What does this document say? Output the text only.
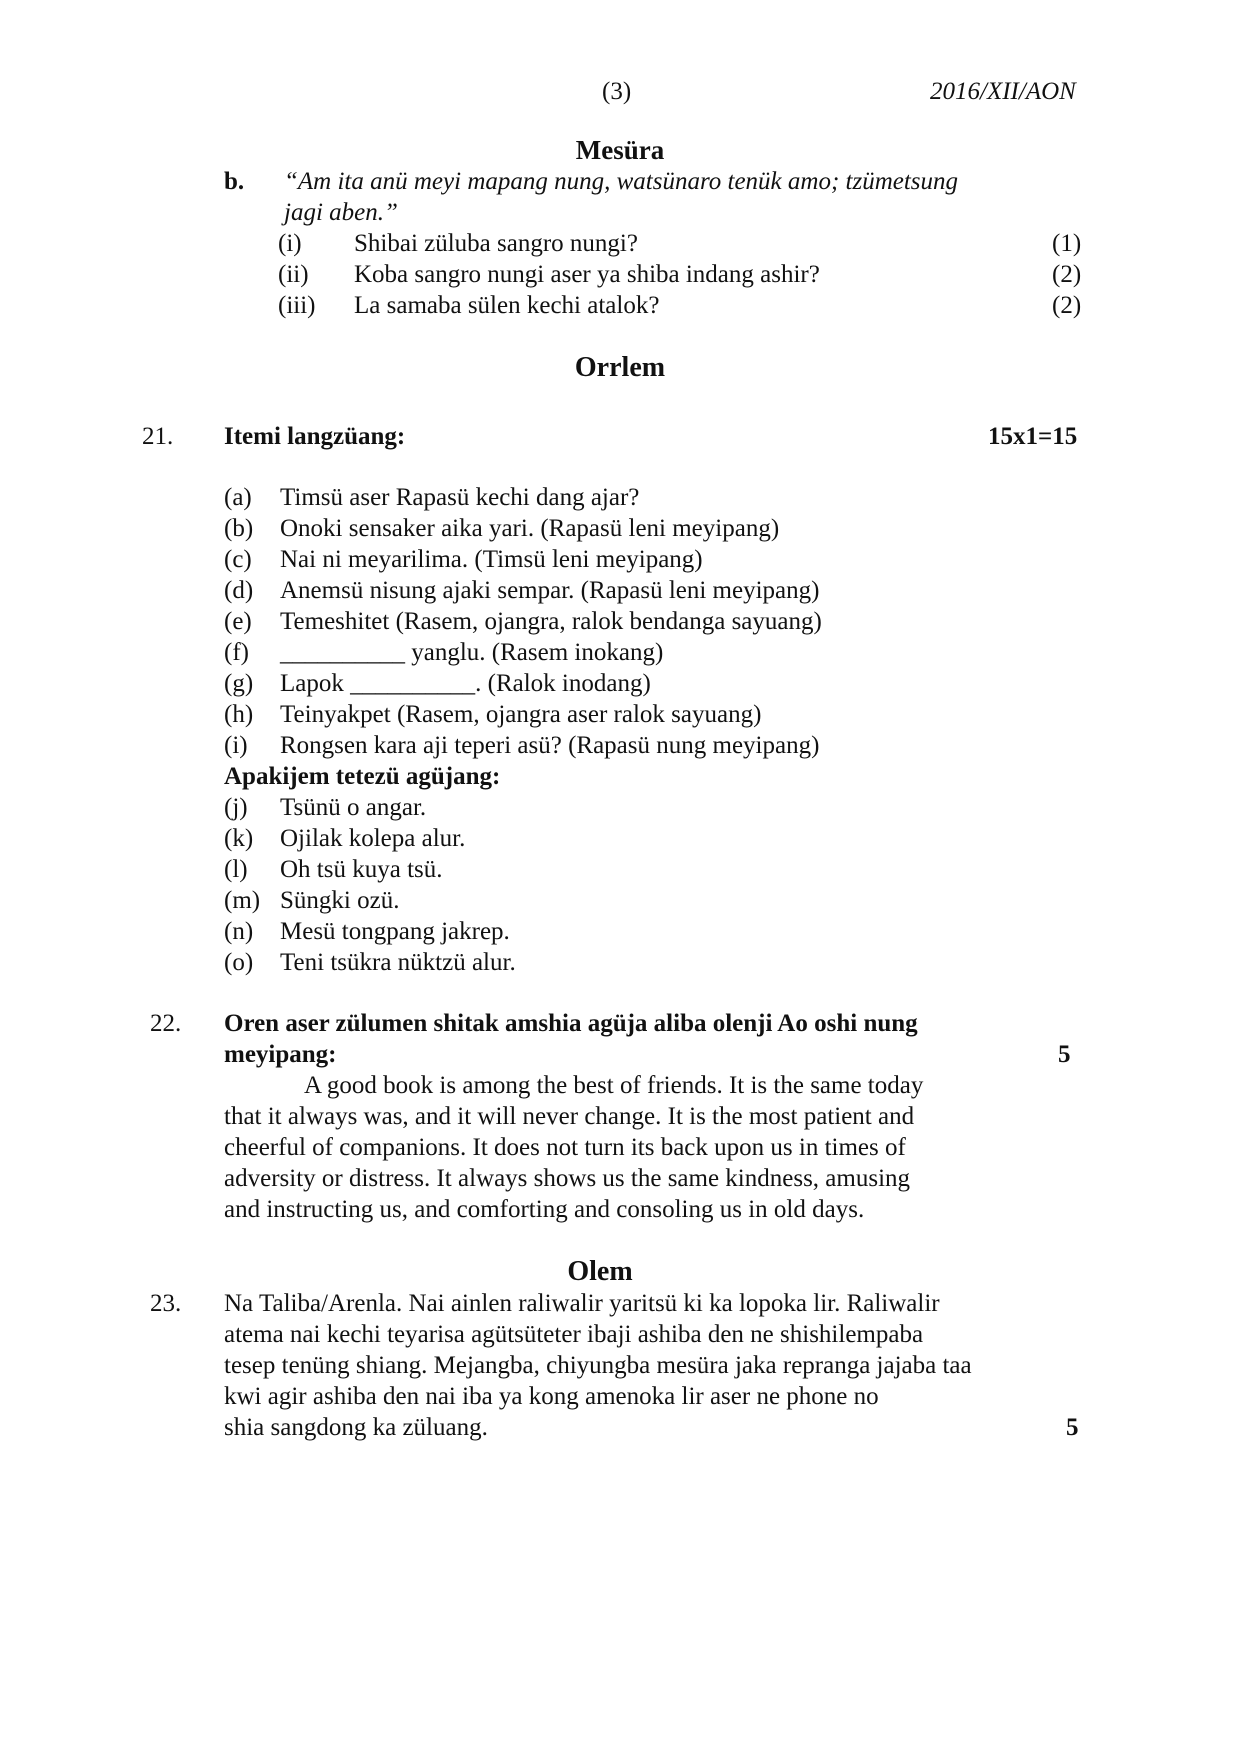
(3)	2016/XII/AON
Mesüra
b. “Am ita anü meyi mapang nung, watsünaro tenük amo; tzümetsung
jagi aben.”
(i) Shibai züluba sangro nungi?	(1)
(ii) Koba sangro nungi aser ya shiba indang ashir?	(2)
(iii) La samaba sülen kechi atalok?	(2)
Orrlem
21. Itemi langzüang:	15x1=15
(a) Timsü aser Rapasü kechi dang ajar?
(b) Onoki sensaker aika yari. (Rapasü leni meyipang)
(c) Nai ni meyarilima. (Timsü leni meyipang)
(d) Anemsü nisung ajaki sempar. (Rapasü leni meyipang)
(e) Temeshitet (Rasem, ojangra, ralok bendanga sayuang)
(f) __________ yanglu. (Rasem inokang)
(g) Lapok __________. (Ralok inodang)
(h) Teinyakpet (Rasem, ojangra aser ralok sayuang)
(i) Rongsen kara aji teperi asü? (Rapasü nung meyipang)
Apakijem tetezü agüjang:
(j) Tsünü o angar.
(k) Ojilak kolepa alur.
(l) Oh tsü kuya tsü.
(m) Süngki ozü.
(n) Mesü tongpang jakrep.
(o) Teni tsükra nüktzü alur.
22. Oren aser zülumen shitak amshia agüja aliba olenji Ao oshi nung
meyipang:	5
A good book is among the best of friends. It is the same today
that it always was, and it will never change. It is the most patient and
cheerful of companions. It does not turn its back upon us in times of
adversity or distress. It always shows us the same kindness, amusing
and instructing us, and comforting and consoling us in old days.
Olem
23. Na Taliba/Arenla. Nai ainlen raliwalir yaritsü ki ka lopoka lir. Raliwalir
atema nai kechi teyarisa agütsüteter ibaji ashiba den ne shishilempaba
tesep tenüng shiang. Mejangba, chiyungba mesüra jaka repranga jajaba taa
kwi agir ashiba den nai iba ya kong amenoka lir aser ne phone no
shia sangdong ka züluang.	5
